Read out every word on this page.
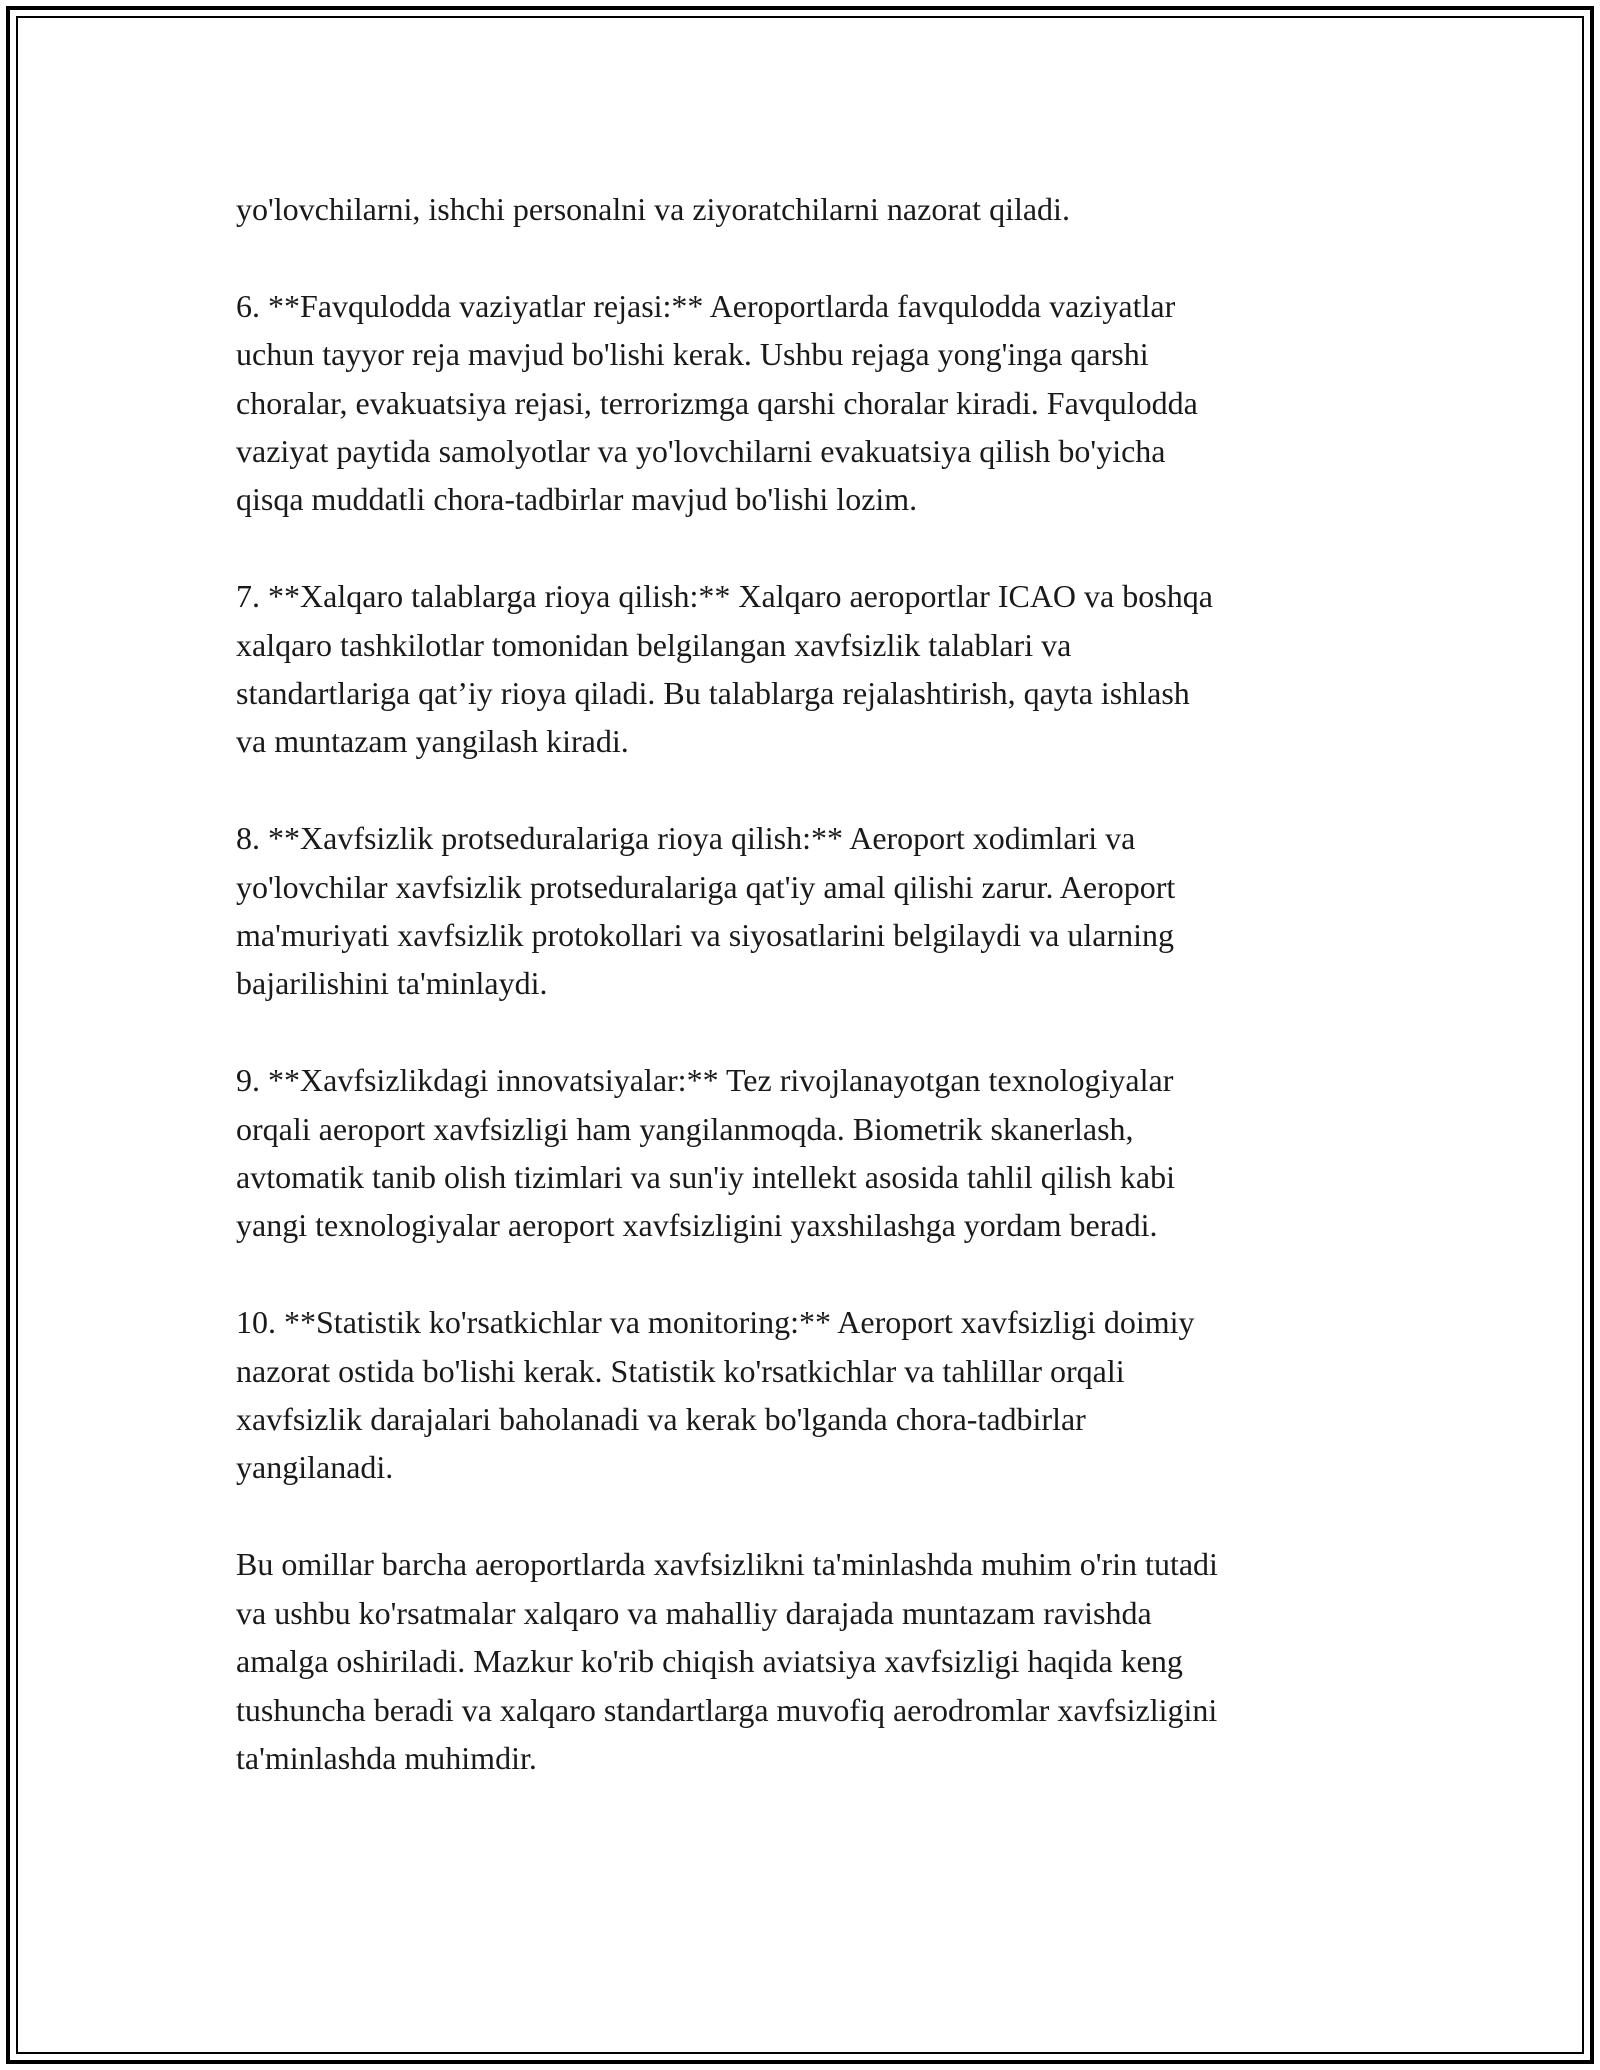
yo'lovchilarni, ishchi personalni va ziyoratchilarni nazorat qiladi.

6. **Favqulodda vaziyatlar rejasi:** Aeroportlarda favqulodda vaziyatlar
uchun tayyor reja mavjud bo'lishi kerak. Ushbu rejaga yong'inga qarshi
choralar, evakuatsiya rejasi, terrorizmga qarshi choralar kiradi. Favqulodda
vaziyat paytida samolyotlar va yo'lovchilarni evakuatsiya qilish bo'yicha
qisqa muddatli chora-tadbirlar mavjud bo'lishi lozim.

7. **Xalqaro talablarga rioya qilish:** Xalqaro aeroportlar ICAO va boshqa
xalqaro tashkilotlar tomonidan belgilangan xavfsizlik talablari va
standartlariga qat’iy rioya qiladi. Bu talablarga rejalashtirish, qayta ishlash
va muntazam yangilash kiradi.

8. **Xavfsizlik protseduralariga rioya qilish:** Aeroport xodimlari va
yo'lovchilar xavfsizlik protseduralariga qat'iy amal qilishi zarur. Aeroport
ma'muriyati xavfsizlik protokollari va siyosatlarini belgilaydi va ularning
bajarilishini ta'minlaydi.

9. **Xavfsizlikdagi innovatsiyalar:** Tez rivojlanayotgan texnologiyalar
orqali aeroport xavfsizligi ham yangilanmoqda. Biometrik skanerlash,
avtomatik tanib olish tizimlari va sun'iy intellekt asosida tahlil qilish kabi
yangi texnologiyalar aeroport xavfsizligini yaxshilashga yordam beradi.

10. **Statistik ko'rsatkichlar va monitoring:** Aeroport xavfsizligi doimiy
nazorat ostida bo'lishi kerak. Statistik ko'rsatkichlar va tahlillar orqali
xavfsizlik darajalari baholanadi va kerak bo'lganda chora-tadbirlar
yangilanadi.

Bu omillar barcha aeroportlarda xavfsizlikni ta'minlashda muhim o'rin tutadi
va ushbu ko'rsatmalar xalqaro va mahalliy darajada muntazam ravishda
amalga oshiriladi. Mazkur ko'rib chiqish aviatsiya xavfsizligi haqida keng
tushuncha beradi va xalqaro standartlarga muvofiq aerodromlar xavfsizligini
ta'minlashda muhimdir.
